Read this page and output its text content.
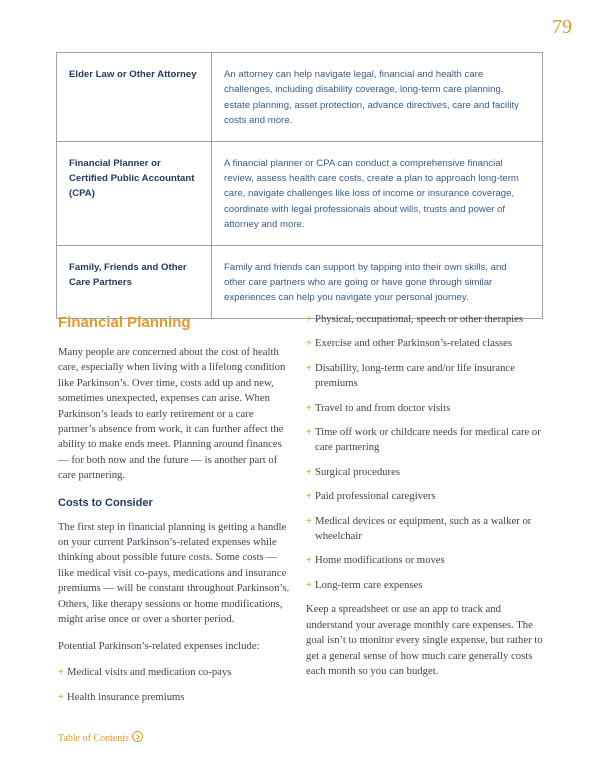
79
Elder Law or Other Attorney	An attorney can help navigate legal, financial and health care challenges, including disability coverage, long-term care planning, estate planning, asset protection, advance directives, care and facility costs and more.
Financial Planner or Certified Public Accountant (CPA)	A financial planner or CPA can conduct a comprehensive financial review, assess health care costs, create a plan to approach long-term care, navigate challenges like loss of income or insurance coverage, coordinate with legal professionals about wills, trusts and power of attorney and more.
Family, Friends and Other Care Partners	Family and friends can support by tapping into their own skills, and other care partners who are going or have gone through similar experiences can help you navigate your personal journey.
Financial Planning

Many people are concerned about the cost of health care, especially when living with a lifelong condition like Parkinson’s. Over time, costs add up and new, sometimes unexpected, expenses can arise. When Parkinson’s leads to early retirement or a care partner’s absence from work, it can further affect the ability to make ends meet. Planning around finances — for both now and the future — is another part of care partnering.

Costs to Consider

The first step in financial planning is getting a handle on your current Parkinson’s-related expenses while thinking about possible future costs. Some costs — like medical visit co-pays, medications and insurance premiums — will be constant throughout Parkinson’s. Others, like therapy sessions or home modifications, might arise once or over a shorter period.

Potential Parkinson’s-related expenses include:

+ Medical visits and medication co-pays
+ Health insurance premiums
+ Physical, occupational, speech or other therapies
+ Exercise and other Parkinson’s-related classes
+ Disability, long-term care and/or life insurance premiums
+ Travel to and from doctor visits
+ Time off work or childcare needs for medical care or care partnering
+ Surgical procedures
+ Paid professional caregivers
+ Medical devices or equipment, such as a walker or wheelchair
+ Home modifications or moves
+ Long-term care expenses

Keep a spreadsheet or use an app to track and understand your average monthly care expenses. The goal isn’t to monitor every single expense, but rather to get a general sense of how much care generally costs each month so you can budget.

Table of Contents
